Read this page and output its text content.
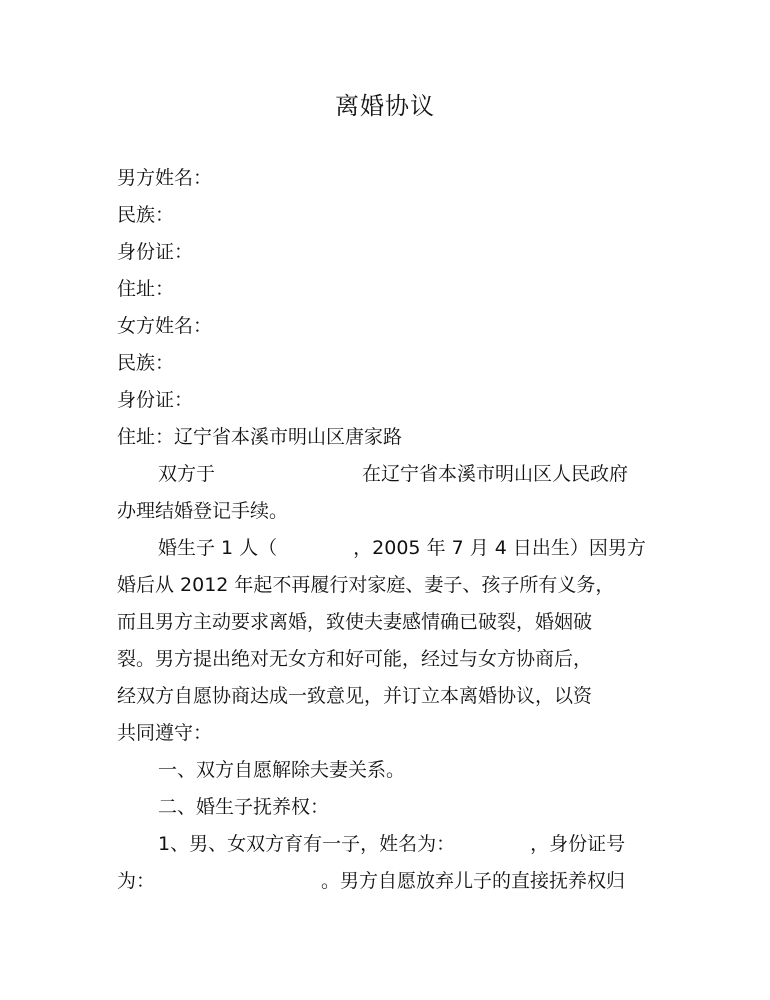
离婚协议
男方姓名：
民族：
身份证：
住址：
女方姓名：
民族：
身份证：
住址：辽宁省本溪市明山区唐家路
双方于	在辽宁省本溪市明山区人民政府
办理结婚登记手续。
婚生子 1 人（	，2005 年 7 月 4 日出生）因男方
婚后从 2012 年起不再履行对家庭、妻子、孩子所有义务，
而且男方主动要求离婚，致使夫妻感情确已破裂，婚姻破
裂。男方提出绝对无女方和好可能，经过与女方协商后，
经双方自愿协商达成一致意见，并订立本离婚协议，以资
共同遵守：
一、双方自愿解除夫妻关系。
二、婚生子抚养权：
1、男、女双方育有一子，姓名为：	，身份证号
为：	。男方自愿放弃儿子的直接抚养权归
